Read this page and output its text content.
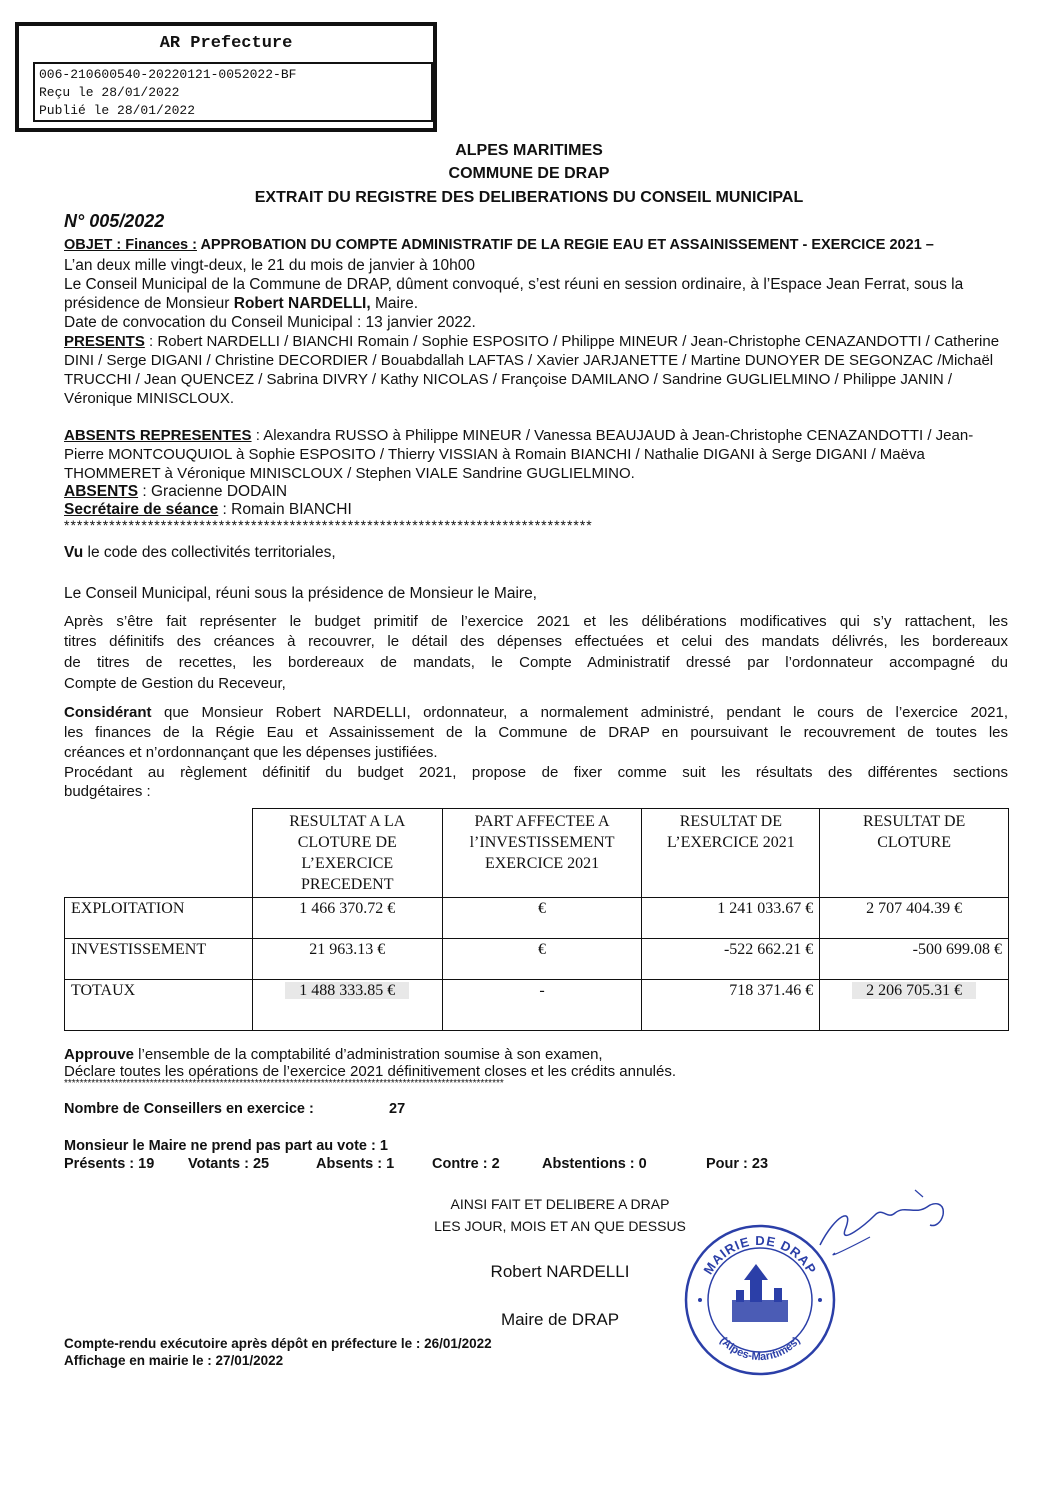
AR Prefecture
006-210600540-20220121-0052022-BF
Reçu le 28/01/2022
Publié le 28/01/2022
ALPES MARITIMES
COMMUNE DE DRAP
EXTRAIT DU REGISTRE DES DELIBERATIONS DU CONSEIL MUNICIPAL
N° 005/2022
OBJET : Finances : APPROBATION DU COMPTE ADMINISTRATIF DE LA REGIE EAU ET ASSAINISSEMENT - EXERCICE 2021 –
L’an deux mille vingt-deux, le 21 du mois de janvier à 10h00
Le Conseil Municipal de la Commune de DRAP, dûment convoqué, s’est réuni en session ordinaire, à l’Espace Jean Ferrat, sous la
présidence de Monsieur Robert NARDELLI, Maire.
Date de convocation du Conseil Municipal : 13 janvier 2022.
PRESENTS : Robert NARDELLI / BIANCHI Romain / Sophie ESPOSITO / Philippe MINEUR / Jean-Christophe CENAZANDOTTI / Catherine
DINI / Serge DIGANI / Christine DECORDIER / Bouabdallah LAFTAS / Xavier JARJANETTE / Martine DUNOYER DE SEGONZAC /Michaël
TRUCCHI / Jean QUENCEZ / Sabrina DIVRY / Kathy NICOLAS / Françoise DAMILANO / Sandrine GUGLIELMINO / Philippe JANIN /
Véronique MINISCLOUX.
ABSENTS REPRESENTES : Alexandra RUSSO à Philippe MINEUR / Vanessa BEAUJAUD à Jean-Christophe CENAZANDOTTI / Jean-
Pierre MONTCOUQUIOL à Sophie ESPOSITO / Thierry VISSIAN à Romain BIANCHI / Nathalie DIGANI à Serge DIGANI / Maëva
THOMMERET à Véronique MINISCLOUX / Stephen VIALE Sandrine GUGLIELMINO.
ABSENTS : Gracienne DODAIN
Secrétaire de séance : Romain BIANCHI
**********************************************************************************
Vu le code des collectivités territoriales,
Le Conseil Municipal, réuni sous la présidence de Monsieur le Maire,
Après s’être fait représenter le budget primitif de l’exercice 2021 et les délibérations modificatives qui s’y rattachent, les
titres définitifs des créances à recouvrer, le détail des dépenses effectuées et celui des mandats délivrés, les bordereaux
de titres de recettes, les bordereaux de mandats, le Compte Administratif dressé par l’ordonnateur accompagné du
Compte de Gestion du Receveur,
Considérant que Monsieur Robert NARDELLI, ordonnateur, a normalement administré, pendant le cours de l’exercice 2021,
les finances de la Régie Eau et Assainissement de la Commune de DRAP en poursuivant le recouvrement de toutes les
créances et n’ordonnançant que les dépenses justifiées.
Procédant au règlement définitif du budget 2021, propose de fixer comme suit les résultats des différentes sections
budgétaires :
	RESULTAT A LA CLOTURE DE L’EXERCICE PRECEDENT	PART AFFECTEE A l’INVESTISSEMENT EXERCICE 2021	RESULTAT DE L’EXERCICE 2021	RESULTAT DE CLOTURE
EXPLOITATION	1 466 370.72 €	€	1 241 033.67 €	2 707 404.39 €
INVESTISSEMENT	21 963.13 €	€	-522 662.21 €	-500 699.08 €
TOTAUX	1 488 333.85 €	-	718 371.46 €	2 206 705.31 €
Approuve l’ensemble de la comptabilité d’administration soumise à son examen,
Déclare toutes les opérations de l’exercice 2021 définitivement closes et les crédits annulés.
*****************************************************************************************************************
Nombre de Conseillers en exercice :	27
Monsieur le Maire ne prend pas part au vote : 1
Présents : 19 Votants : 25	Absents : 1	Contre : 2	Abstentions : 0	Pour : 23
AINSI FAIT ET DELIBERE A DRAP
LES JOUR, MOIS ET AN QUE DESSUS
Robert NARDELLI
Maire de DRAP
MAIRIE DE DRAP
(Alpes-Maritimes)
Compte-rendu exécutoire après dépôt en préfecture le : 26/01/2022
Affichage en mairie le : 27/01/2022
